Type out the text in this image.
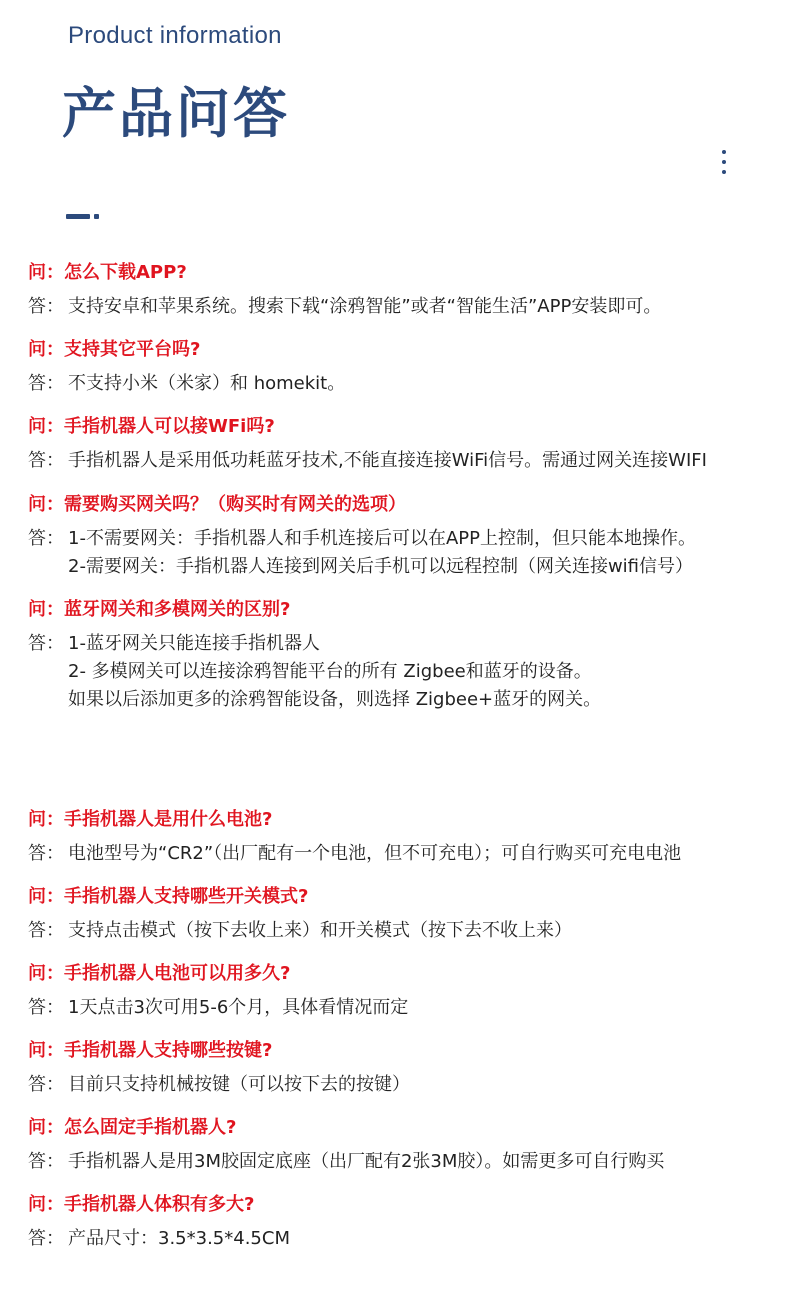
Product information
产品问答
问：怎么下载APP?
答： 支持安卓和苹果系统。搜索下载“涂鸦智能”或者“智能生活”APP安装即可。
问：支持其它平台吗?
答： 不支持小米（米家）和 homekit。
问：手指机器人可以接WFi吗?
答： 手指机器人是采用低功耗蓝牙技术,不能直接连接WiFi信号。需通过网关连接WIFI
问：需要购买网关吗？（购买时有网关的选项）
答： 1-不需要网关：手指机器人和手机连接后可以在APP上控制，但只能本地操作。
2-需要网关：手指机器人连接到网关后手机可以远程控制（网关连接wifi信号）
问：蓝牙网关和多模网关的区别?
答： 1-蓝牙网关只能连接手指机器人
2- 多模网关可以连接涂鸦智能平台的所有 Zigbee和蓝牙的设备。
如果以后添加更多的涂鸦智能设备，则选择 Zigbee+蓝牙的网关。
问：手指机器人是用什么电池?
答： 电池型号为“CR2”（出厂配有一个电池，但不可充电）；可自行购买可充电电池
问：手指机器人支持哪些开关模式?
答： 支持点击模式（按下去收上来）和开关模式（按下去不收上来）
问：手指机器人电池可以用多久?
答： 1天点击3次可用5-6个月，具体看情况而定
问：手指机器人支持哪些按键?
答： 目前只支持机械按键（可以按下去的按键）
问：怎么固定手指机器人?
答： 手指机器人是用3M胶固定底座（出厂配有2张3M胶）。如需更多可自行购买
问：手指机器人体积有多大?
答： 产品尺寸：3.5*3.5*4.5CM
